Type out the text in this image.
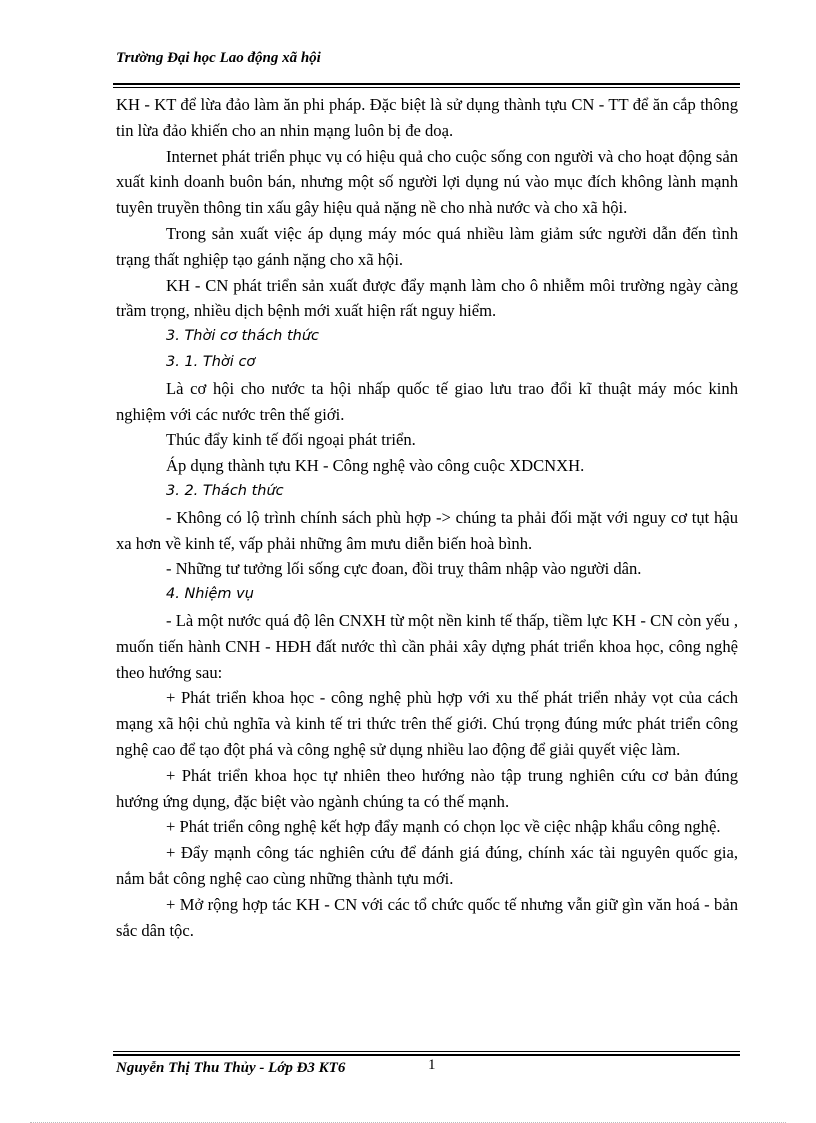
Trường Đại học Lao động xã hội

KH - KT để lừa đảo làm ăn phi pháp. Đặc biệt là sử dụng thành tựu CN - TT để ăn cắp thông tin lừa đảo khiến cho an nhin mạng luôn bị đe doạ.

Internet phát triển phục vụ có hiệu quả cho cuộc sống con người và cho hoạt động sản xuất kinh doanh buôn bán, nhưng một số người lợi dụng nú vào mục đích không lành mạnh tuyên truyền thông tin xấu gây hiệu quả nặng nề cho nhà nước và cho xã hội.

Trong sản xuất việc áp dụng máy móc quá nhiều làm giảm sức người dẫn đến tình trạng thất nghiệp tạo gánh nặng cho xã hội.

KH - CN phát triển sản xuất được đẩy mạnh làm cho ô nhiễm môi trường ngày càng trầm trọng, nhiều dịch bệnh mới xuất hiện rất nguy hiểm.

3. Thời cơ thách thức

3. 1. Thời cơ

Là cơ hội cho nước ta hội nhấp quốc tế giao lưu trao đổi kĩ thuật máy móc kinh nghiệm với các nước trên thế giới.

Thúc đẩy kinh tế đối ngoại phát triển.

Áp dụng thành tựu KH - Công nghệ vào công cuộc XDCNXH.

3. 2. Thách thức

- Không có lộ trình chính sách phù hợp -> chúng ta phải đối mặt với nguy cơ tụt hậu xa hơn về kinh tế, vấp phải những âm mưu diễn biến hoà bình.

- Những tư tưởng lối sống cực đoan, đồi truỵ thâm nhập vào người dân.

4. Nhiệm vụ

- Là một nước quá độ lên CNXH từ một nền kinh tế thấp, tiềm lực KH - CN còn yếu , muốn tiến hành CNH - HĐH đất nước thì cần phải xây dựng phát triển khoa học, công nghệ theo hướng sau:

+ Phát triển khoa học - công nghệ phù hợp với xu thế phát triển nhảy vọt của cách mạng xã hội chủ nghĩa và kinh tế tri thức trên thế giới. Chú trọng đúng mức phát triển công nghệ cao để tạo đột phá và công nghệ sử dụng nhiều lao động để giải quyết việc làm.

+ Phát triển khoa học tự nhiên theo hướng nào tập trung nghiên cứu cơ bản đúng hướng ứng dụng, đặc biệt vào ngành chúng ta có thế mạnh.

+ Phát triển công nghệ kết hợp đẩy mạnh có chọn lọc về ciệc nhập khẩu công nghệ.

+ Đẩy mạnh công tác nghiên cứu để đánh giá đúng, chính xác tài nguyên quốc gia, nắm bắt công nghệ cao cùng những thành tựu mới.

+ Mở rộng hợp tác KH - CN với các tổ chức quốc tế nhưng vẫn giữ gìn văn hoá - bản sắc dân tộc.

Nguyễn Thị Thu Thủy - Lớp Đ3 KT6	1
